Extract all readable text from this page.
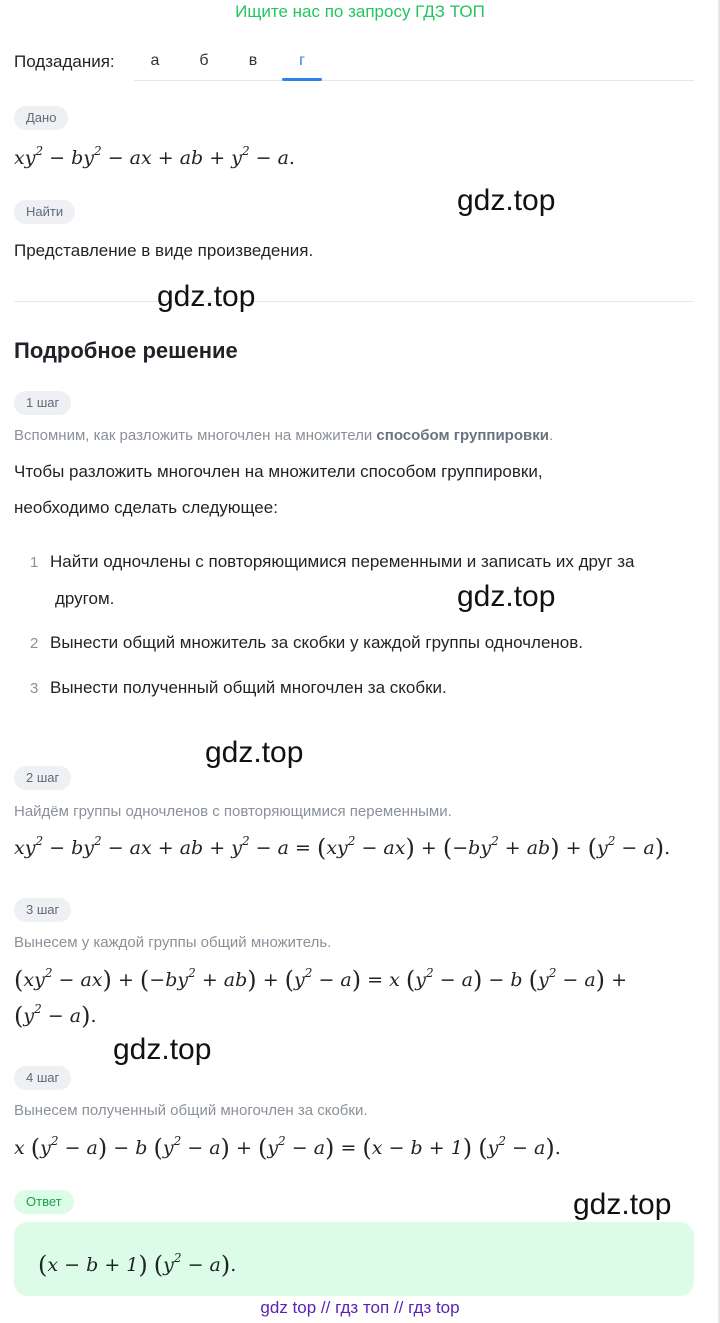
Ищите нас по запросу ГДЗ ТОП
Подзадания:	а	б	в	г
Дано
$xy^2 - by^2$ − ax + ab + $y^2 - a$.
Найти
Представление в виде произведения.
Подробное решение
1 шаг
Вспомним, как разложить многочлен на множители способом группировки.
Чтобы разложить многочлен на множители способом группировки,
необходимо сделать следующее:
1 Найти одночлены с повторяющимися переменными и записать их друг за
другом.
2 Вынести общий множитель за скобки у каждой группы одночленов.
3 Вынести полученный общий многочлен за скобки.
2 шаг
Найдём группы одночленов с повторяющимися переменными.
$xy^2 - by^2$ − ax + ab + $y^2 - a = (xy^2 - ax) + (-by^2 + ab) + (y^2 - a)$.
3 шаг
Вынесем у каждой группы общий множитель.
$(xy^2 - ax) + (-by^2 + ab) + (y^2 - a) = x$ $(y^2 - a) - b$ $(y^2 - a)$ +
$(y^2 - a)$.
4 шаг
Вынесем полученный общий многочлен за скобки.
x $(y^2 - a) - b$ $(y^2 - a) + (y^2 - a) = (x - b + 1) (y^2 - a)$.
Ответ
(x − b + 1) $(y^2 - a)$.
gdz.top
gdz.top
gdz.top
gdz.top
gdz.top
gdz.top
gdz top // гдз топ // гдз top
